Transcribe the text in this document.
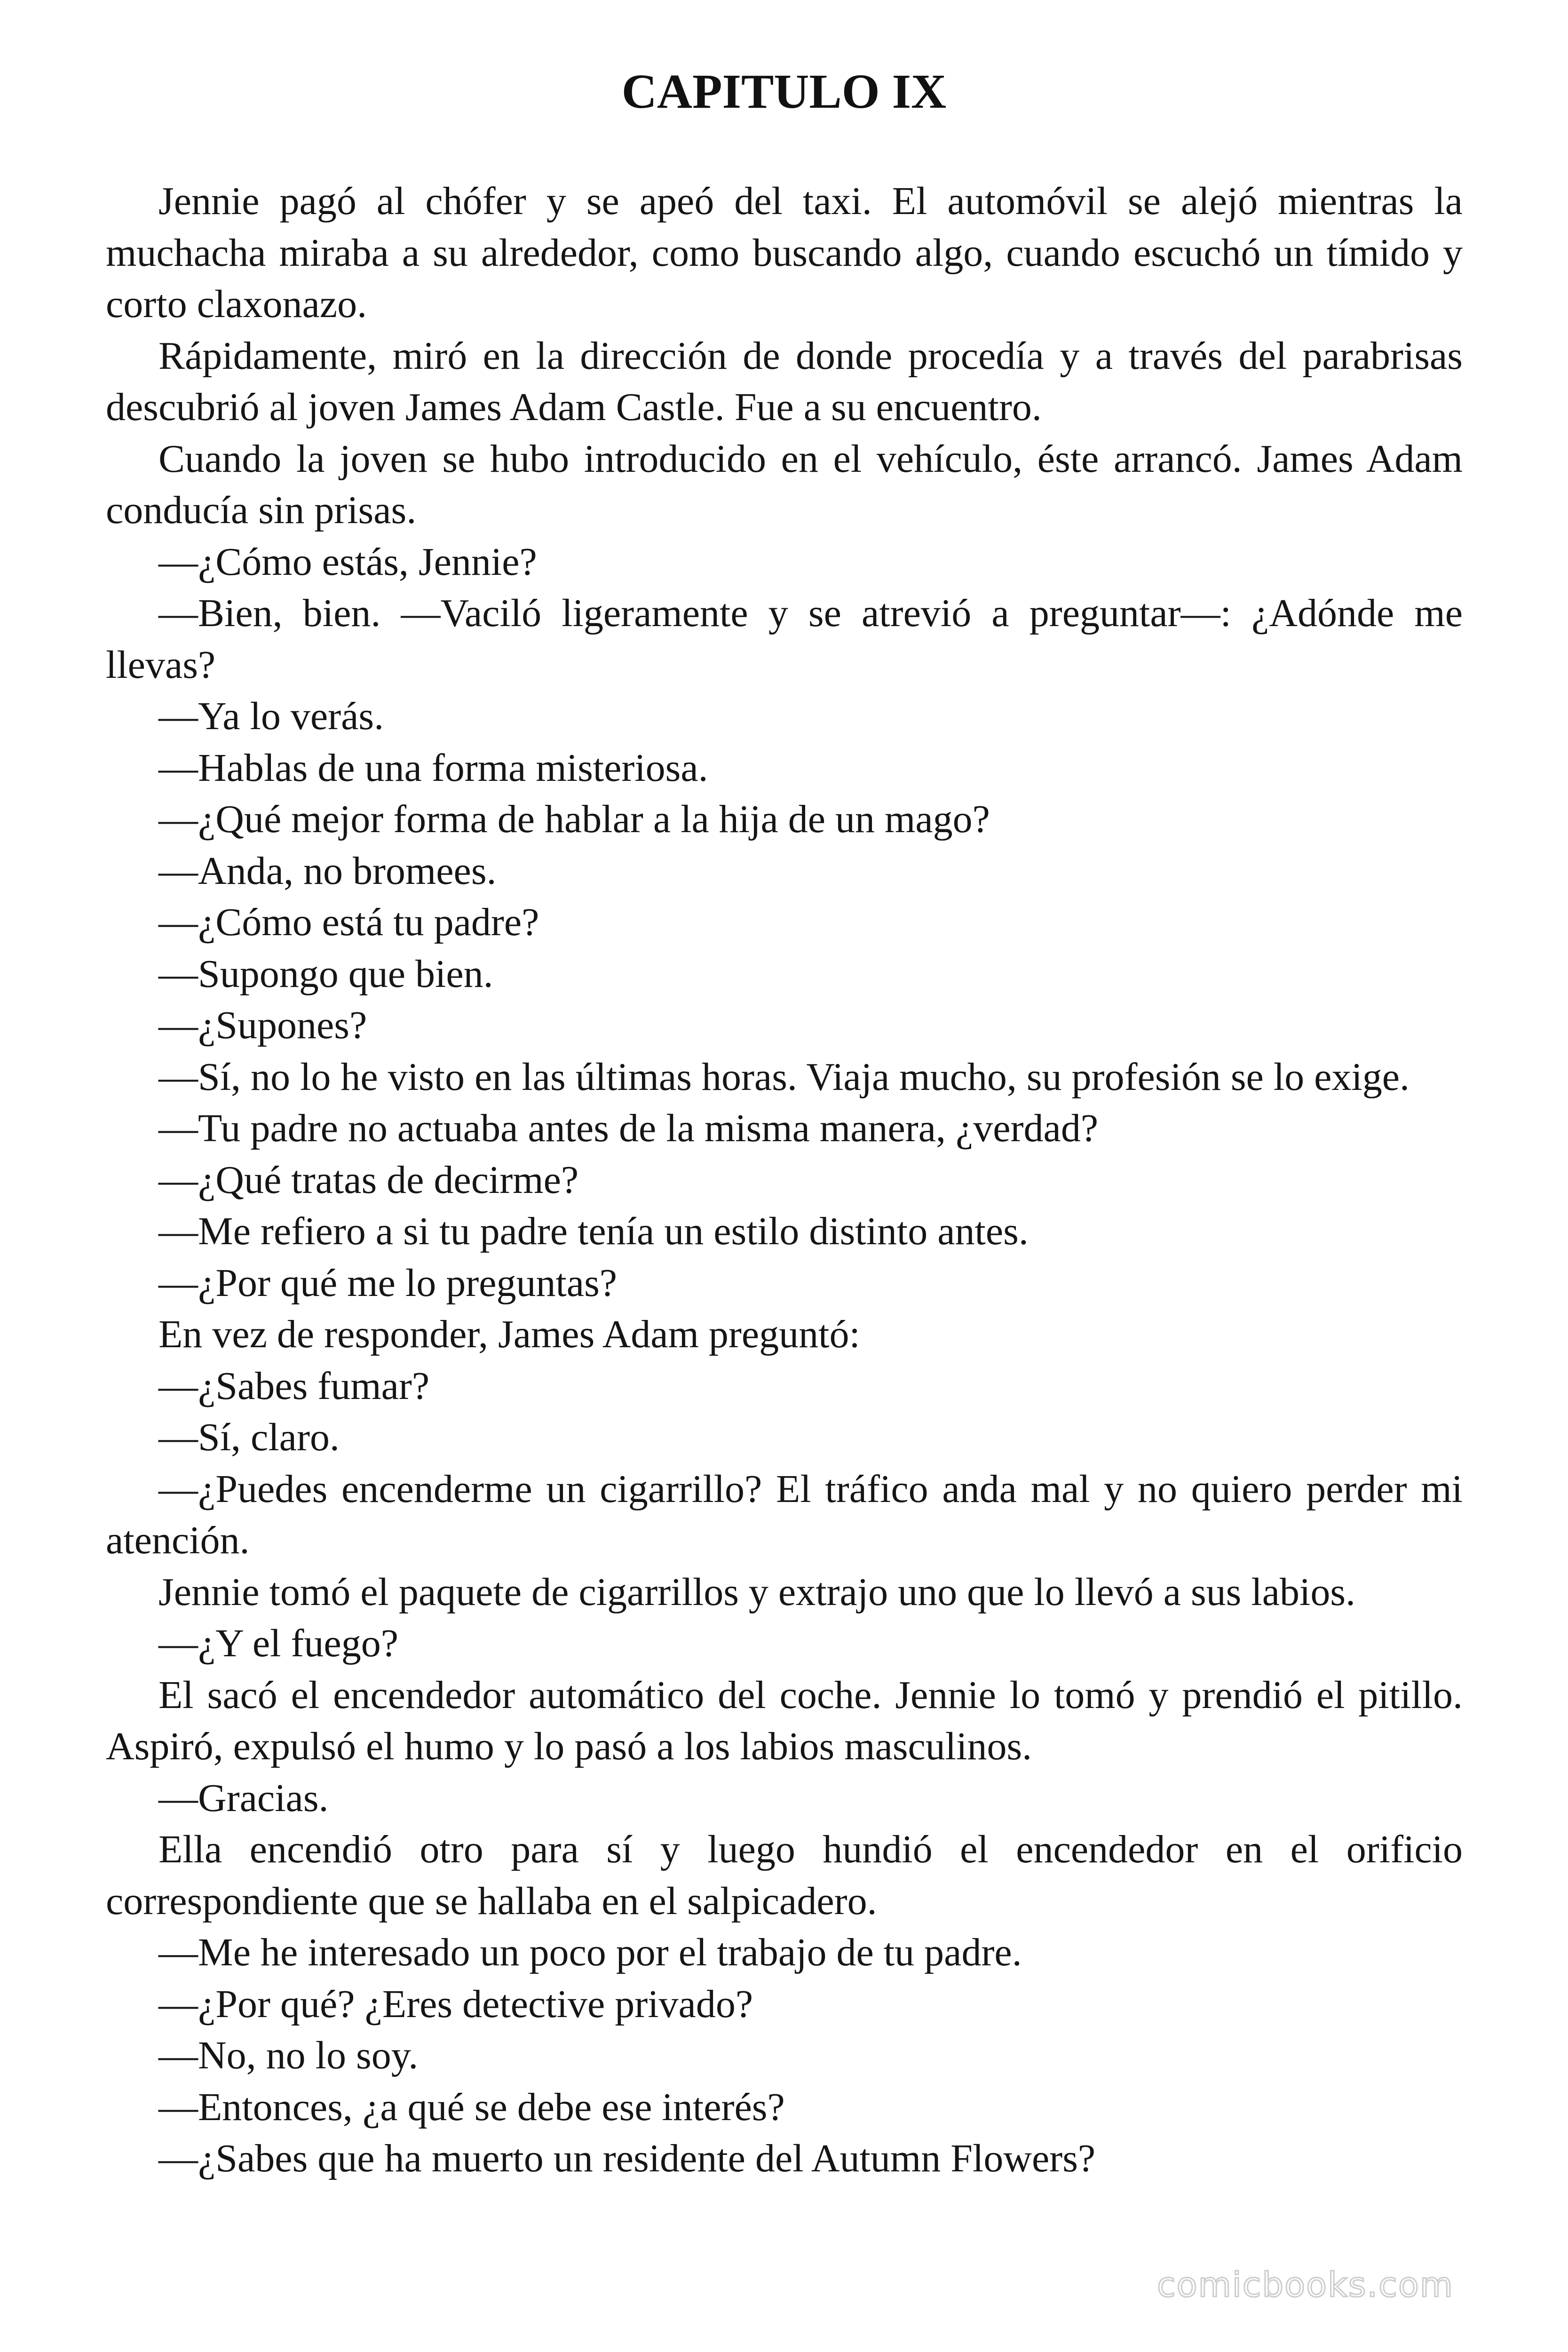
CAPITULO IX

Jennie pagó al chófer y se apeó del taxi. El automóvil se alejó mientras la muchacha miraba a su alrededor, como buscando algo, cuando escuchó un tímido y corto claxonazo.

Rápidamente, miró en la dirección de donde procedía y a través del parabrisas descubrió al joven James Adam Castle. Fue a su encuentro.

Cuando la joven se hubo introducido en el vehículo, éste arrancó. James Adam conducía sin prisas.

—¿Cómo estás, Jennie?

—Bien, bien. —Vaciló ligeramente y se atrevió a preguntar—: ¿Adónde me llevas?

—Ya lo verás.

—Hablas de una forma misteriosa.

—¿Qué mejor forma de hablar a la hija de un mago?

—Anda, no bromees.

—¿Cómo está tu padre?

—Supongo que bien.

—¿Supones?

—Sí, no lo he visto en las últimas horas. Viaja mucho, su profesión se lo exige.

—Tu padre no actuaba antes de la misma manera, ¿verdad?

—¿Qué tratas de decirme?

—Me refiero a si tu padre tenía un estilo distinto antes.

—¿Por qué me lo preguntas?

En vez de responder, James Adam preguntó:

—¿Sabes fumar?

—Sí, claro.

—¿Puedes encenderme un cigarrillo? El tráfico anda mal y no quiero perder mi atención.

Jennie tomó el paquete de cigarrillos y extrajo uno que lo llevó a sus labios.

—¿Y el fuego?

El sacó el encendedor automático del coche. Jennie lo tomó y prendió el pitillo. Aspiró, expulsó el humo y lo pasó a los labios masculinos.

—Gracias.

Ella encendió otro para sí y luego hundió el encendedor en el orificio correspondiente que se hallaba en el salpicadero.

—Me he interesado un poco por el trabajo de tu padre.

—¿Por qué? ¿Eres detective privado?

—No, no lo soy.

—Entonces, ¿a qué se debe ese interés?

—¿Sabes que ha muerto un residente del Autumn Flowers?

comicbooks.com
